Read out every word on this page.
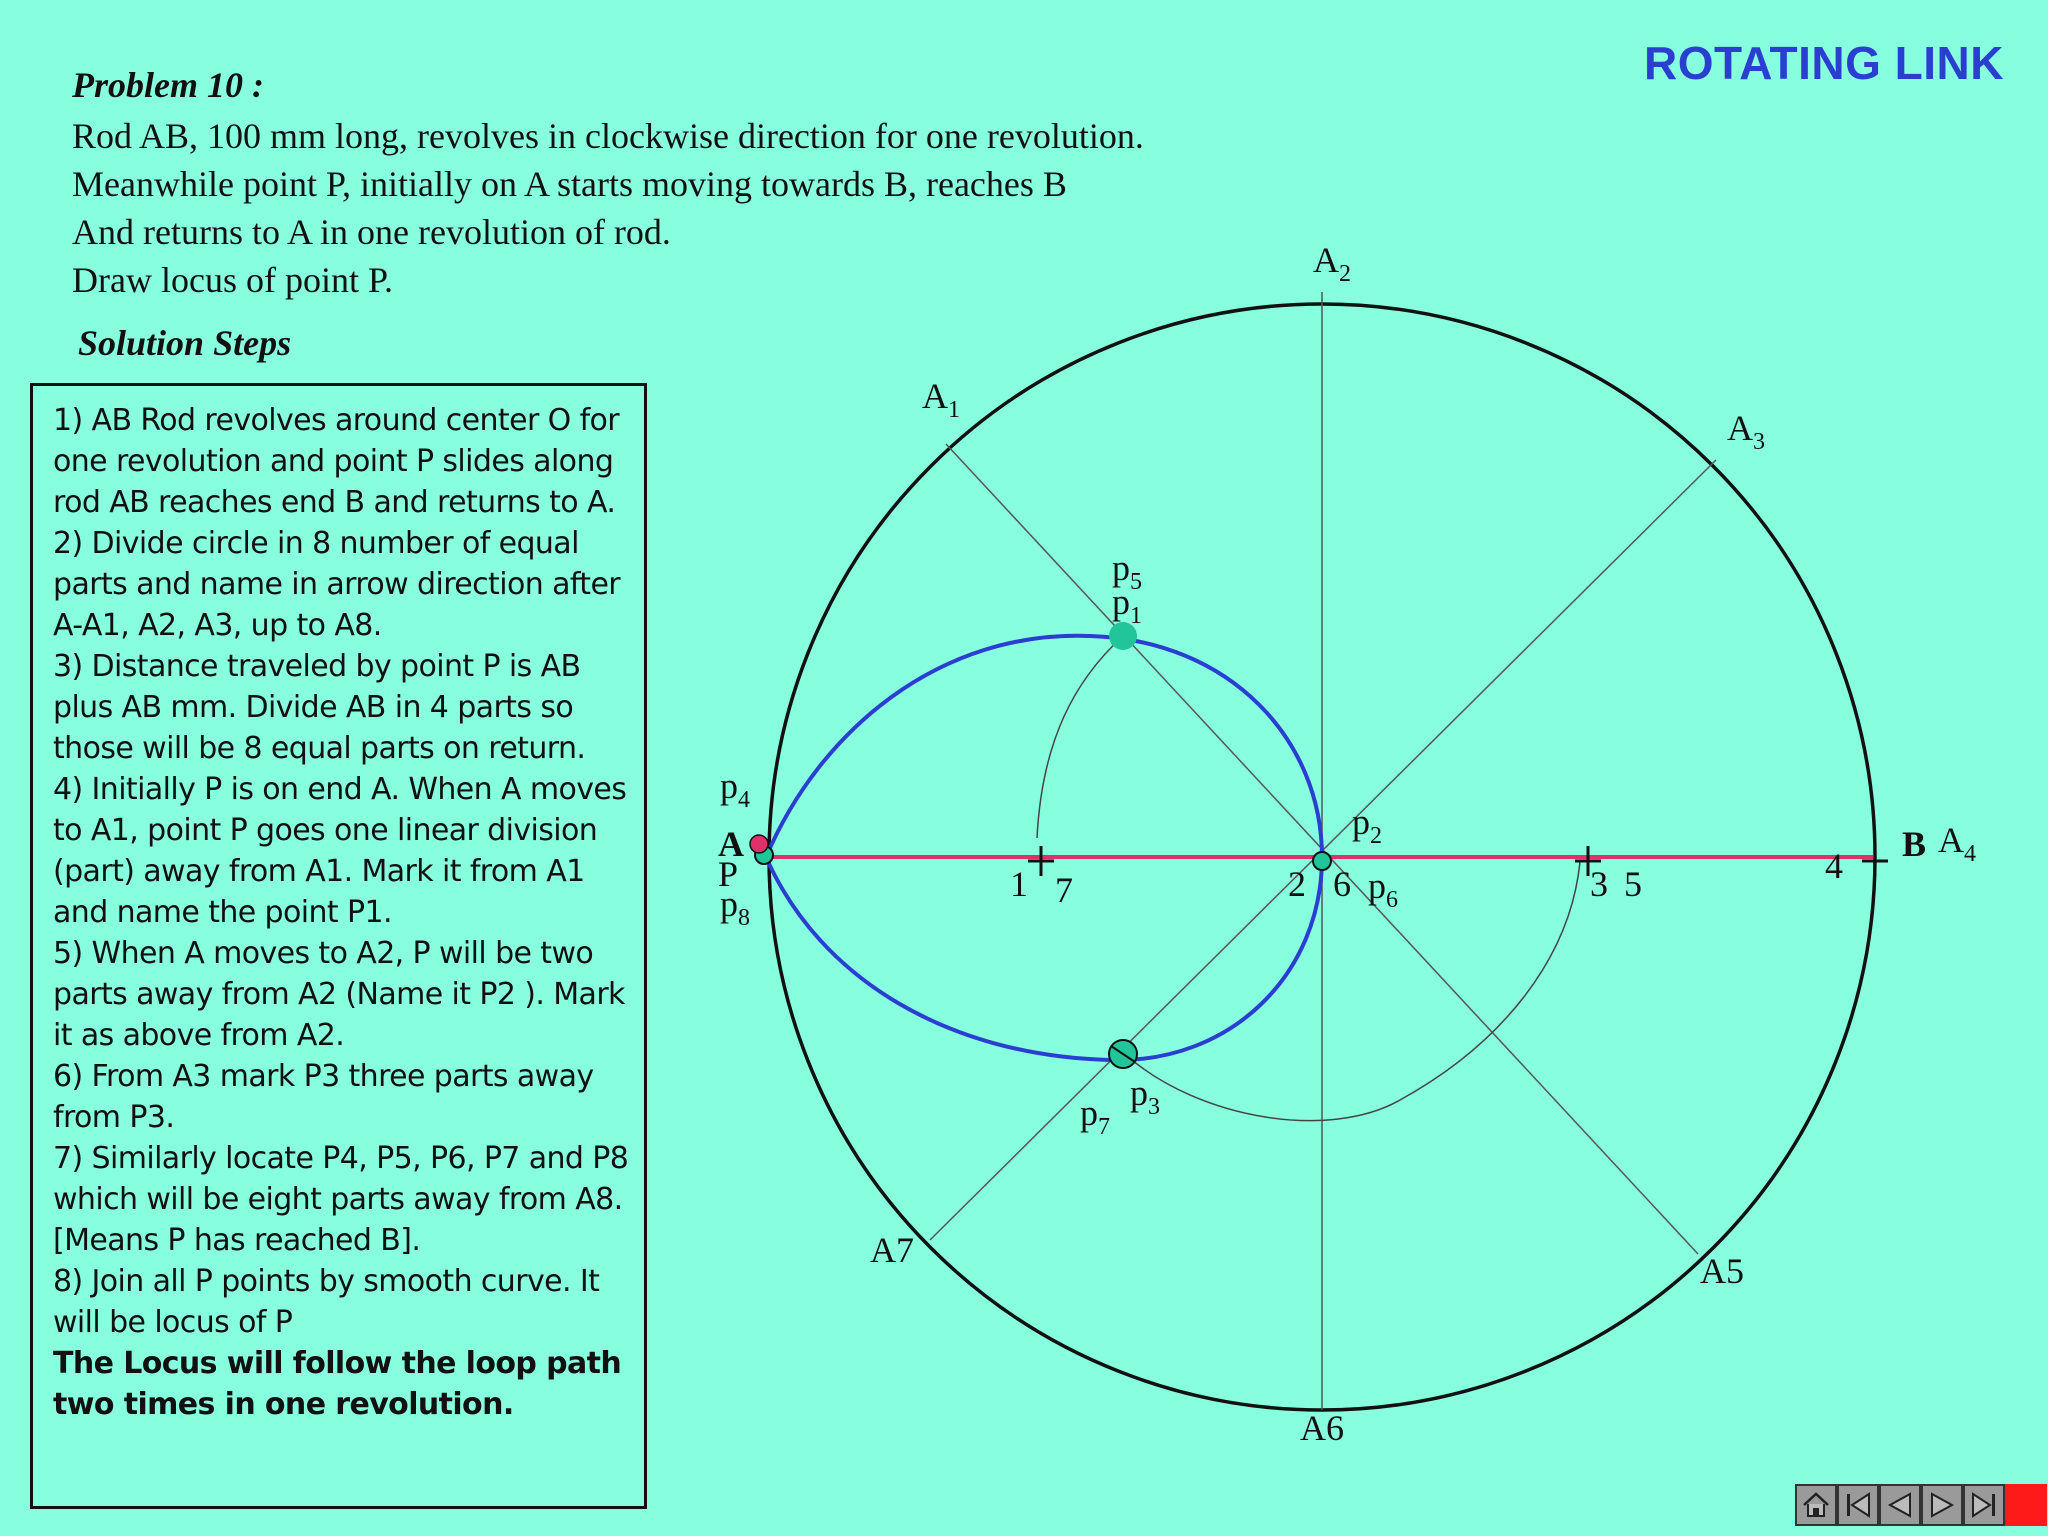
ROTATING LINK
Problem 10 :
Rod AB, 100 mm long, revolves in clockwise direction for one revolution.
Meanwhile point P, initially on A starts moving towards B, reaches B
And returns to A in one revolution of rod.
Draw locus of point P.
Solution Steps

1) AB Rod revolves around center O for one revolution and point P slides along rod AB reaches end B and returns to A.

2) Divide circle in 8 number of equal parts and name in arrow direction after A-A1, A2, A3, up to A8.

3) Distance traveled by point P is AB plus AB mm. Divide AB in 4 parts so those will be 8 equal parts on return.

4) Initially P is on end A. When A moves to A1, point P goes one linear division (part) away from A1. Mark it from A1 and name the point P1.

5) When A moves to A2, P will be two parts away from A2 (Name it P2 ). Mark it as above from A2.

6) From A3 mark P3 three parts away from P3.

7) Similarly locate P4, P5, P6, P7 and P8 which will be eight parts away from A8. [Means P has reached B].

8) Join all P points by smooth curve. It will be locus of P

The Locus will follow the loop path two times in one revolution.

$A_1$
$A_2$
$A_3$
$A_4$
A5
A6
A7
A	B
P	1 7	2 6	3 5	4
$p_5$
$p_1$
$p_2$
$p_6$
$p_3$
$p_7$
$p_4$
$p_8$
